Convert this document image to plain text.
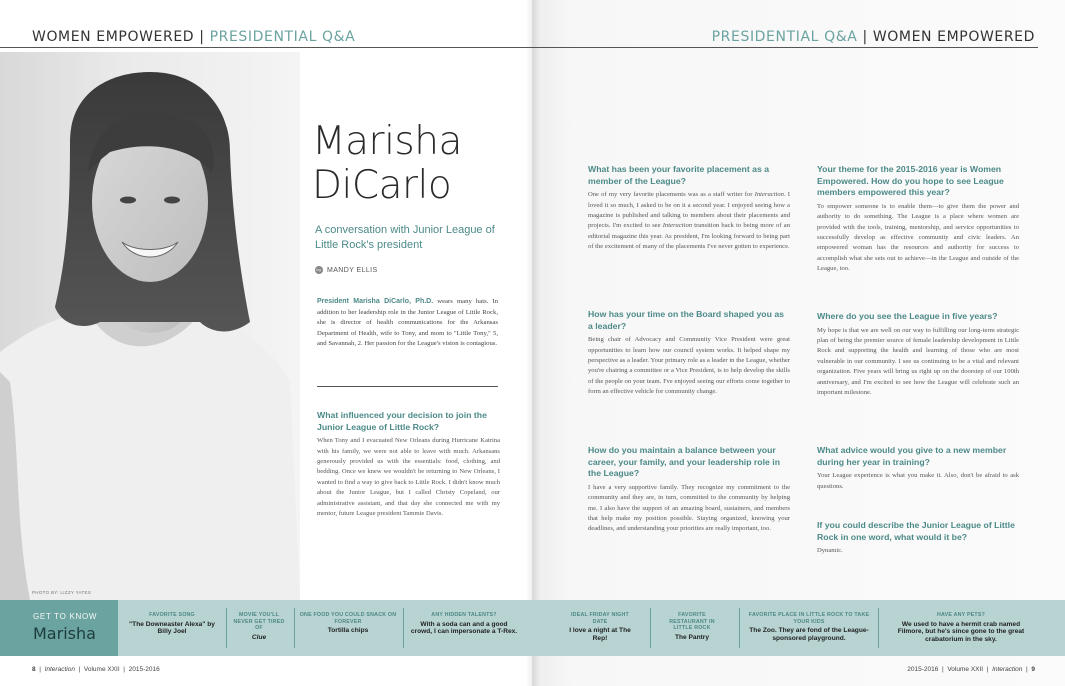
WOMEN EMPOWERED | PRESIDENTIAL Q&A	PRESIDENTIAL Q&A | WOMEN EMPOWERED
PHOTO BY: LIZZY YATES
Marisha
DiCarlo
A conversation with Junior League of Little Rock's president
by MANDY ELLIS
President Marisha DiCarlo, Ph.D. wears many hats. In addition to her leadership role in the Junior League of Little Rock, she is director of health communications for the Arkansas Department of Health, wife to Tony, and mom to "Little Tony," 5, and Savannah, 2. Her passion for the League's vision is contagious.
What influenced your decision to join the Junior League of Little Rock?
When Tony and I evacuated New Orleans during Hurricane Katrina with his family, we were not able to leave with much. Arkansans generously provided us with the essentials: food, clothing, and bedding. Once we knew we wouldn't be returning to New Orleans, I wanted to find a way to give back to Little Rock. I didn't know much about the Junior League, but I called Christy Copeland, our administrative assistant, and that day she connected me with my mentor, future League president Tammie Davis.
What has been your favorite placement as a member of the League?
One of my very favorite placements was as a staff writer for Interaction. I loved it so much, I asked to be on it a second year. I enjoyed seeing how a magazine is published and talking to members about their placements and projects. I'm excited to see Interaction transition back to being more of an editorial magazine this year. As president, I'm looking forward to being part of the excitement of many of the placements I've never gotten to experience.
How has your time on the Board shaped you as a leader?
Being chair of Advocacy and Community Vice President were great opportunities to learn how our council system works. It helped shape my perspective as a leader. Your primary role as a leader in the League, whether you're chairing a committee or a Vice President, is to help develop the skills of the people on your team. I've enjoyed seeing our efforts come together to form an effective vehicle for community change.
How do you maintain a balance between your career, your family, and your leadership role in the League?
I have a very supportive family. They recognize my commitment to the community and they are, in turn, committed to the community by helping me. I also have the support of an amazing board, sustainers, and members that help make my position possible. Staying organized, knowing your deadlines, and understanding your priorities are really important, too.
Your theme for the 2015-2016 year is Women Empowered. How do you hope to see League members empowered this year?
To empower someone is to enable them—to give them the power and authority to do something. The League is a place where women are provided with the tools, training, mentorship, and service opportunities to successfully develop as effective community and civic leaders. An empowered woman has the resources and authority for success to accomplish what she sets out to achieve—in the League and outside of the League, too.
Where do you see the League in five years?
My hope is that we are well on our way to fulfilling our long-term strategic plan of being the premier source of female leadership development in Little Rock and supporting the health and learning of those who are most vulnerable in our community. I see us continuing to be a vital and relevant organization. Five years will bring us right up on the doorstep of our 100th anniversary, and I'm excited to see how the League will celebrate such an important milestone.
What advice would you give to a new member during her year in training?
Your League experience is what you make it. Also, don't be afraid to ask questions.
If you could describe the Junior League of Little Rock in one word, what would it be?
Dynamic.
GET TO KNOW
Marisha
FAVORITE SONG
"The Downeaster Alexa" by Billy Joel
MOVIE YOU'LL NEVER GET TIRED OF
Clue
ONE FOOD YOU COULD SNACK ON FOREVER
Tortilla chips
ANY HIDDEN TALENTS?
With a soda can and a good crowd, I can impersonate a T-Rex.
IDEAL FRIDAY NIGHT DATE
I love a night at The Rep!
FAVORITE RESTAURANT IN LITTLE ROCK
The Pantry
FAVORITE PLACE IN LITTLE ROCK TO TAKE YOUR KIDS
The Zoo. They are fond of the League-sponsored playground.
HAVE ANY PETS?
We used to have a hermit crab named Filmore, but he's since gone to the great crabatorium in the sky.
8 | Interaction | Volume XXII | 2015-2016	2015-2016 | Volume XXII | Interaction | 9
